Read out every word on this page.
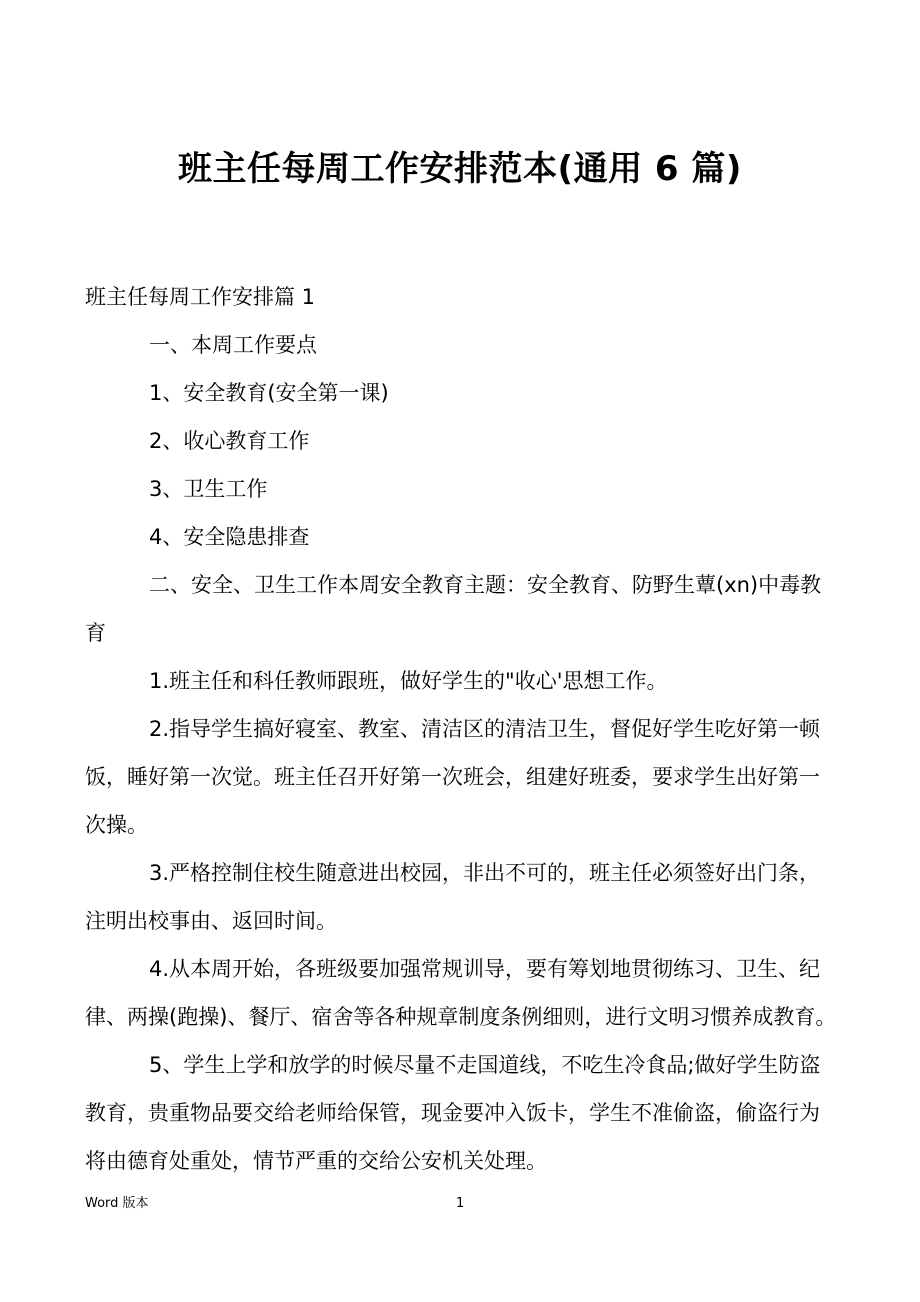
班主任每周工作安排范本(通用 6 篇)
班主任每周工作安排篇 1
一、本周工作要点
1、安全教育(安全第一课)
2、收心教育工作
3、卫生工作
4、安全隐患排查
二、安全、卫生工作本周安全教育主题：安全教育、防野生蕈(xn)中毒教
育
1.班主任和科任教师跟班，做好学生的"收心'思想工作。
2.指导学生搞好寝室、教室、清洁区的清洁卫生，督促好学生吃好第一顿
饭，睡好第一次觉。班主任召开好第一次班会，组建好班委，要求学生出好第一
次操。
3.严格控制住校生随意进出校园，非出不可的，班主任必须签好出门条，
注明出校事由、返回时间。
4.从本周开始，各班级要加强常规训导，要有筹划地贯彻练习、卫生、纪
律、两操(跑操)、餐厅、宿舍等各种规章制度条例细则，进行文明习惯养成教育。
5、学生上学和放学的时候尽量不走国道线，不吃生冷食品;做好学生防盗
教育，贵重物品要交给老师给保管，现金要冲入饭卡，学生不准偷盗，偷盗行为
将由德育处重处，情节严重的交给公安机关处理。
Word 版本	1
